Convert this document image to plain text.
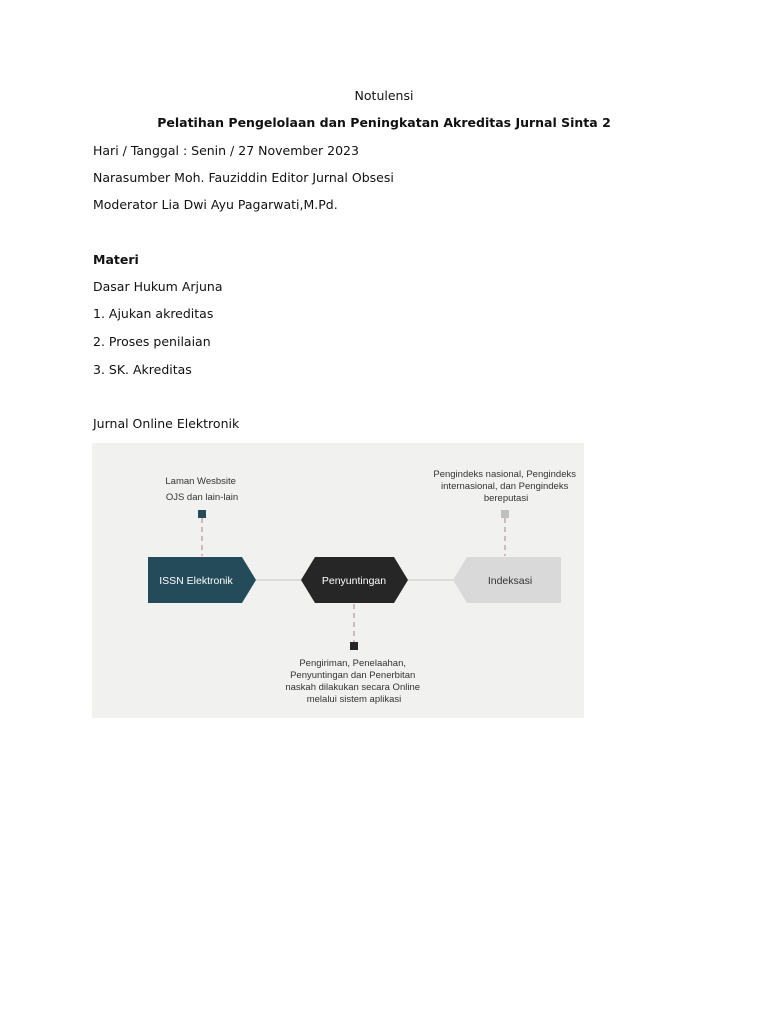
Notulensi
Pelatihan Pengelolaan dan Peningkatan Akreditas Jurnal Sinta 2
Hari / Tanggal : Senin / 27 November 2023
Narasumber Moh. Fauziddin Editor Jurnal Obsesi
Moderator Lia Dwi Ayu Pagarwati,M.Pd.
Materi
Dasar Hukum Arjuna
1. Ajukan akreditas
2. Proses penilaian
3. SK. Akreditas
Jurnal Online Elektronik
ISSN Elektronik	Penyuntingan	Indeksasi
Laman Wesbsite OJS dan lain-lain
Pengindeks nasional, Pengindeks internasional, dan Pengindeks bereputasi
Pengiriman, Penelaahan, Penyuntingan dan Penerbitan naskah dilakukan secara Online melalui sistem aplikasi
